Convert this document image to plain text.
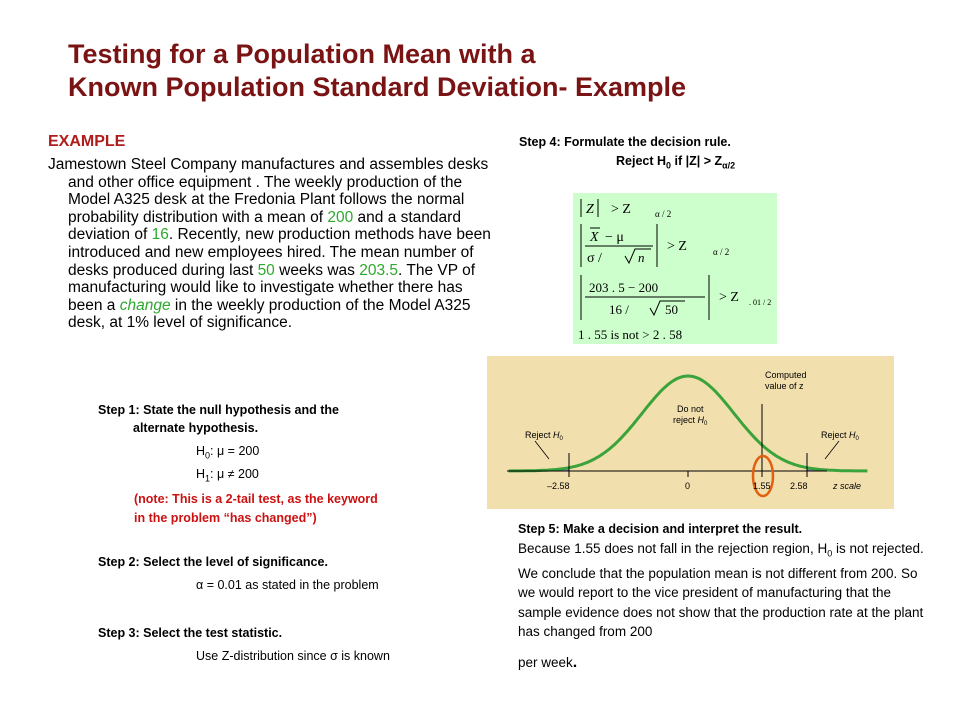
Testing for a Population Mean with a
Known Population Standard Deviation- Example

EXAMPLE

Jamestown Steel Company manufactures and assembles desks and other office equipment . The weekly production of the Model A325 desk at the Fredonia Plant follows the normal probability distribution with a mean of 200 and a standard deviation of 16. Recently, new production methods have been introduced and new employees hired. The mean number of desks produced during last 50 weeks was 203.5. The VP of manufacturing would like to investigate whether there has been a change in the weekly production of the Model A325 desk, at 1% level of significance.

Step 1: State the null hypothesis and the
alternate hypothesis.
$H_0$: μ = 200
$H_1$: μ ≠ 200
(note: This is a 2-tail test, as the keyword
in the problem “has changed”)
Step 2: Select the level of significance.
α = 0.01 as stated in the problem
Step 3: Select the test statistic.
Use Z-distribution since σ is known
Step 4: Formulate the decision rule.
Reject $H_0$ if $|Z| > Z_{\alpha/2}$
Z > Z	α / 2
X − μ
σ /	n
> Z	α / 2
203 . 5 − 200
16 /	50
> Z . 01 / 2
1 . 55 is not > 2 . 58
–2.58	0	1.55 2.58	z scale
Reject $H_0$	Reject $H_0$
Do not
reject $H_0$
Computed
value of z
Step 5: Make a decision and interpret the result.
Because 1.55 does not fall in the rejection region, $H_0$ is not rejected. We conclude that the population mean is not different from 200. So we would report to the vice president of manufacturing that the sample evidence does not show that the production rate at the plant has changed from 200
per week.
